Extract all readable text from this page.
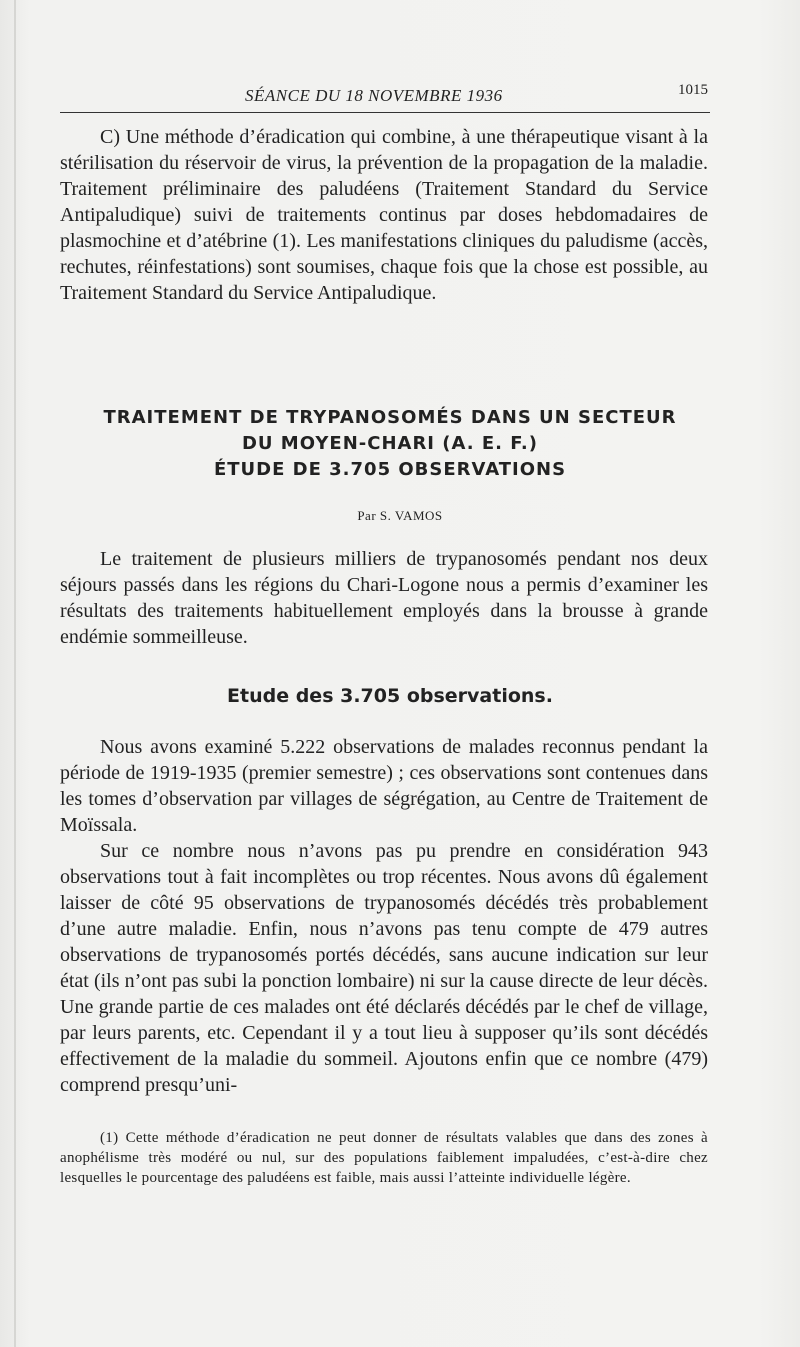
SÉANCE DU 18 NOVEMBRE 1936	1015

C) Une méthode d’éradication qui combine, à une thérapeutique visant à la stérilisation du réservoir de virus, la prévention de la propagation de la maladie. Traitement préliminaire des paludéens (Traitement Standard du Service Antipaludique) suivi de traitements continus par doses hebdomadaires de plasmochine et d’atébrine (1). Les manifestations cliniques du paludisme (accès, rechutes, réinfestations) sont soumises, chaque fois que la chose est possible, au Traitement Standard du Service Antipaludique.

TRAITEMENT DE TRYPANOSOMÉS DANS UN SECTEUR
DU MOYEN-CHARI (A. E. F.)
ÉTUDE DE 3.705 OBSERVATIONS
Par S. VAMOS

Le traitement de plusieurs milliers de trypanosomés pendant nos deux séjours passés dans les régions du Chari-Logone nous a permis d’examiner les résultats des traitements habituellement employés dans la brousse à grande endémie sommeilleuse.

Etude des 3.705 observations.

Nous avons examiné 5.222 observations de malades reconnus pendant la période de 1919-1935 (premier semestre) ; ces observations sont contenues dans les tomes d’observation par villages de ségrégation, au Centre de Traitement de Moïssala.

Sur ce nombre nous n’avons pas pu prendre en considération 943 observations tout à fait incomplètes ou trop récentes. Nous avons dû également laisser de côté 95 observations de trypanosomés décédés très probablement d’une autre maladie. Enfin, nous n’avons pas tenu compte de 479 autres observations de trypanosomés portés décédés, sans aucune indication sur leur état (ils n’ont pas subi la ponction lombaire) ni sur la cause directe de leur décès. Une grande partie de ces malades ont été déclarés décédés par le chef de village, par leurs parents, etc. Cependant il y a tout lieu à supposer qu’ils sont décédés effectivement de la maladie du sommeil. Ajoutons enfin que ce nombre (479) comprend presqu’uni-

(1) Cette méthode d’éradication ne peut donner de résultats valables que dans des zones à anophélisme très modéré ou nul, sur des populations faiblement impaludées, c’est-à-dire chez lesquelles le pourcentage des paludéens est faible, mais aussi l’atteinte individuelle légère.
